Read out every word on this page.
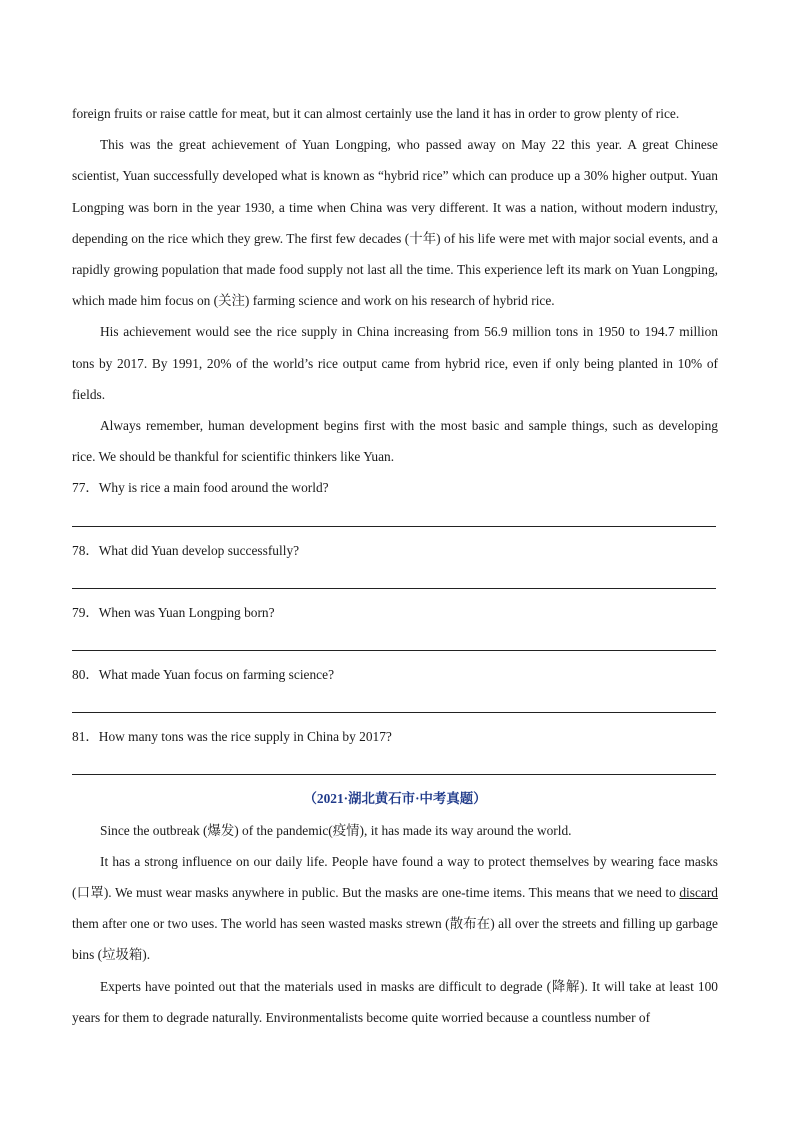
foreign fruits or raise cattle for meat, but it can almost certainly use the land it has in order to grow plenty of rice.

This was the great achievement of Yuan Longping, who passed away on May 22 this year. A great Chinese scientist, Yuan successfully developed what is known as “hybrid rice” which can produce up a 30% higher output. Yuan Longping was born in the year 1930, a time when China was very different. It was a nation, without modern industry, depending on the rice which they grew. The first few decades (十年) of his life were met with major social events, and a rapidly growing population that made food supply not last all the time. This experience left its mark on Yuan Longping, which made him focus on (关注) farming science and work on his research of hybrid rice.

His achievement would see the rice supply in China increasing from 56.9 million tons in 1950 to 194.7 million tons by 2017. By 1991, 20% of the world’s rice output came from hybrid rice, even if only being planted in 10% of fields.

Always remember, human development begins first with the most basic and sample things, such as developing rice. We should be thankful for scientific thinkers like Yuan.

77．Why is rice a main food around the world?

78．What did Yuan develop successfully?

79．When was Yuan Longping born?

80．What made Yuan focus on farming science?

81．How many tons was the rice supply in China by 2017?

（2021·湖北黄石市·中考真题）

Since the outbreak (爆发) of the pandemic(疫情), it has made its way around the world.

It has a strong influence on our daily life. People have found a way to protect themselves by wearing face masks (口罩). We must wear masks anywhere in public. But the masks are one-time items. This means that we need to discard them after one or two uses. The world has seen wasted masks strewn (散布在) all over the streets and filling up garbage bins (垃圾箱).

Experts have pointed out that the materials used in masks are difficult to degrade (降解). It will take at least 100 years for them to degrade naturally. Environmentalists become quite worried because a countless number of
